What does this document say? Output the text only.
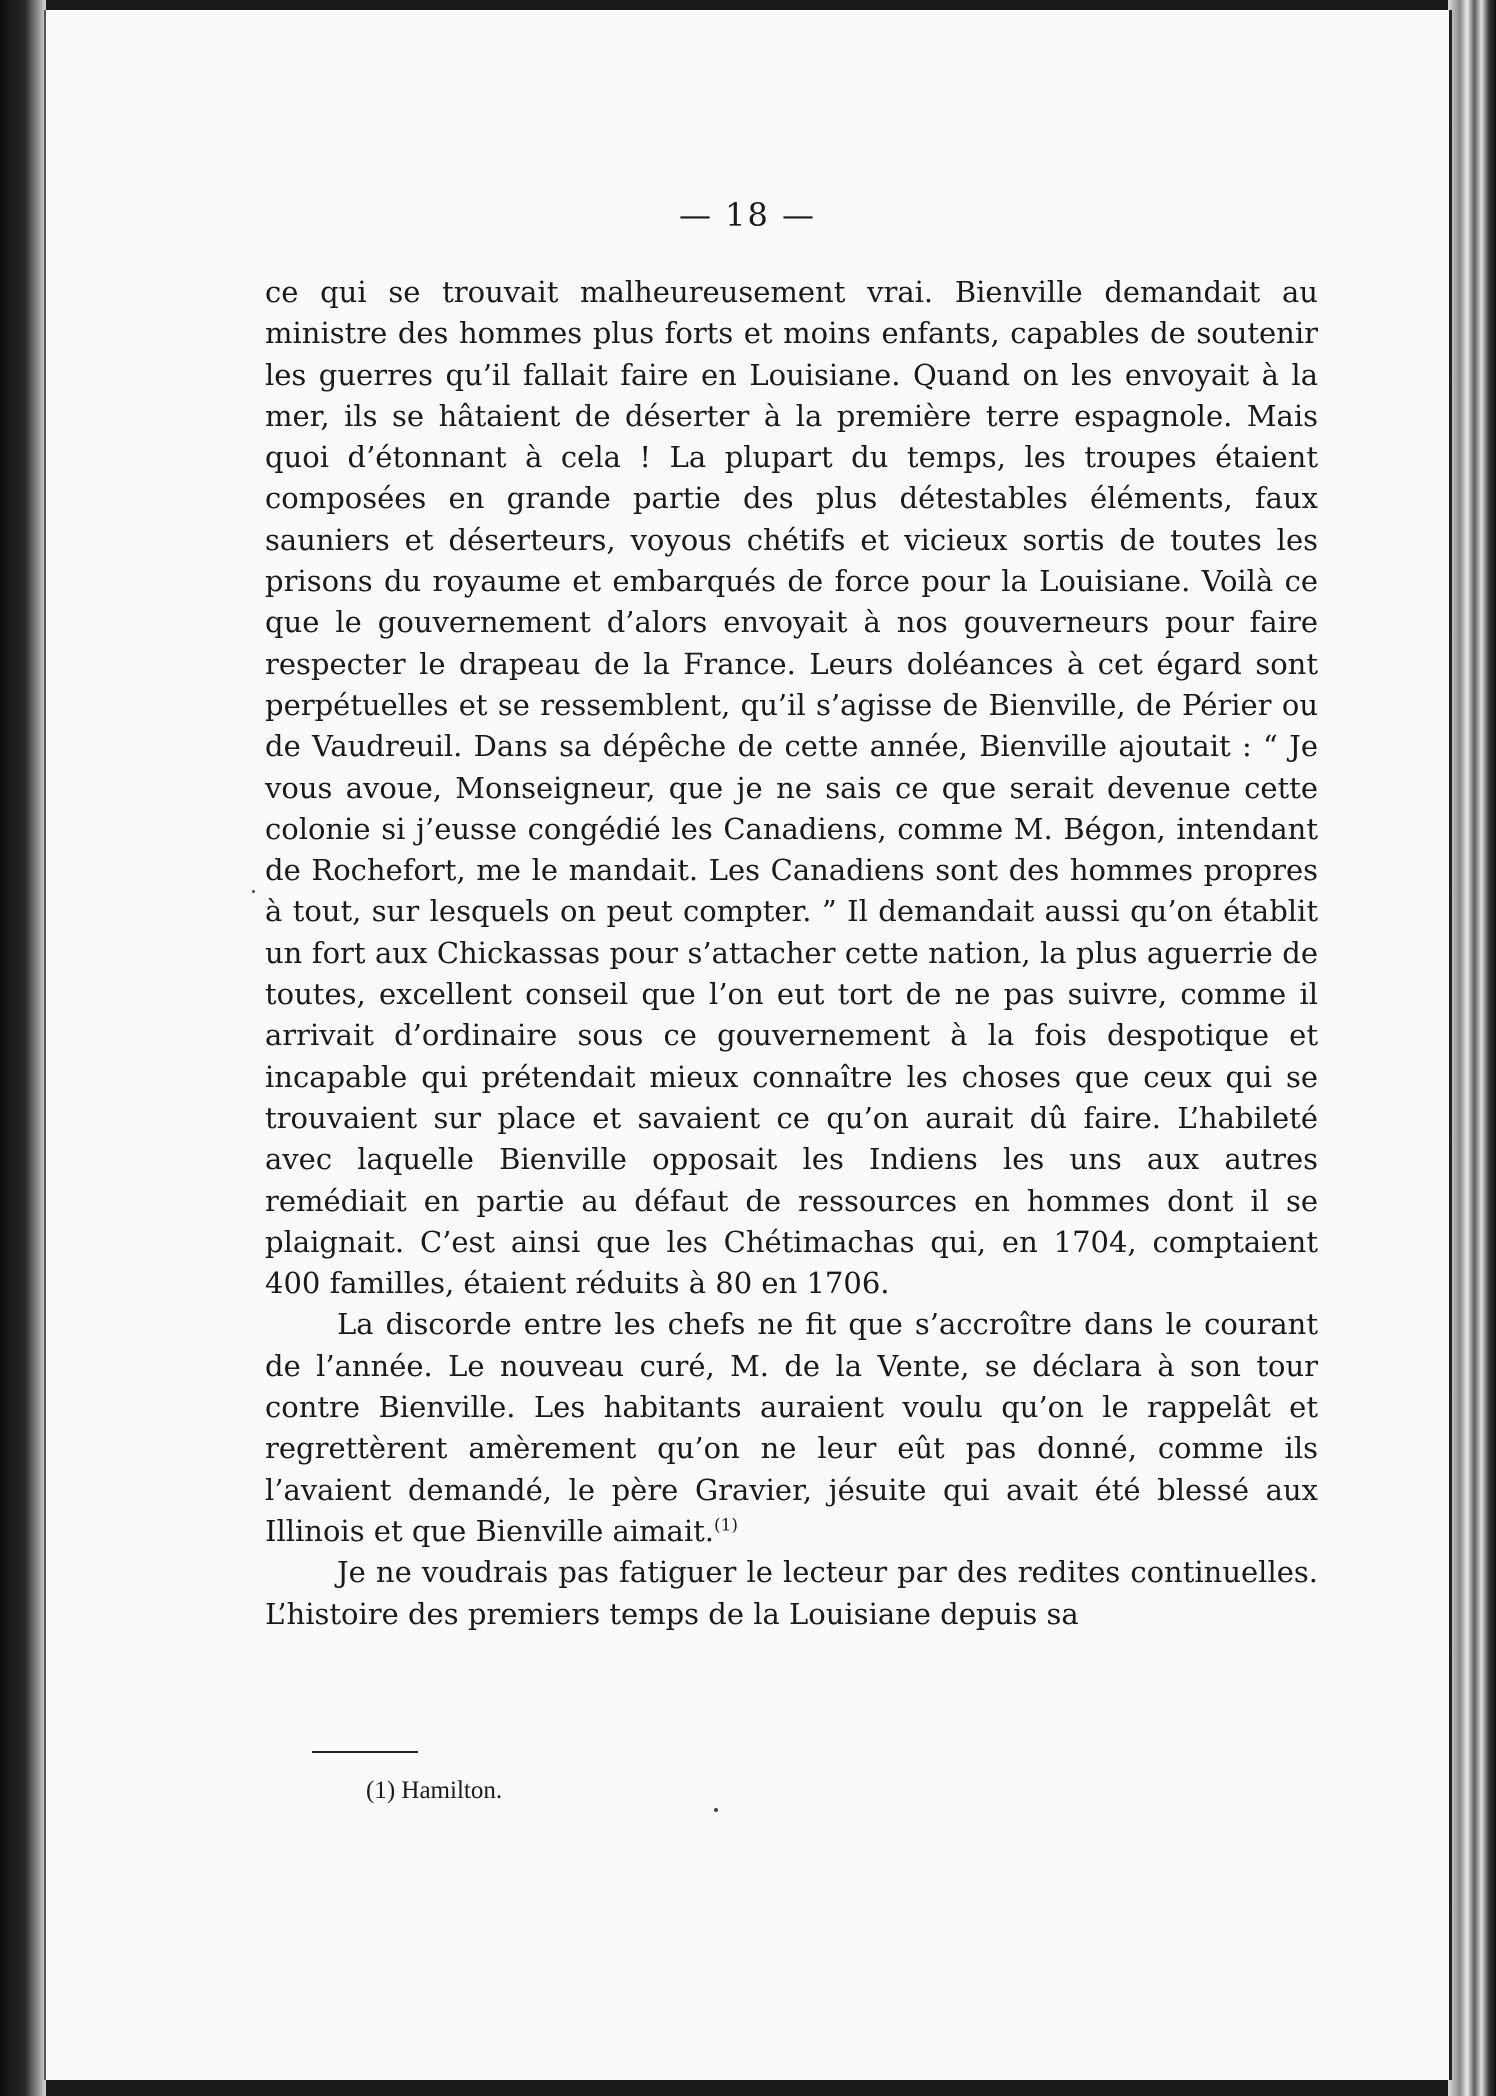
— 18 —

ce qui se trouvait malheureusement vrai. Bienville demandait au ministre des hommes plus forts et moins enfants, capables de soutenir les guerres qu’il fallait faire en Louisiane. Quand on les envoyait à la mer, ils se hâtaient de déserter à la première terre espagnole. Mais quoi d’étonnant à cela ! La plupart du temps, les troupes étaient composées en grande partie des plus détestables éléments, faux sauniers et déserteurs, voyous chétifs et vicieux sortis de toutes les prisons du royaume et embarqués de force pour la Louisiane. Voilà ce que le gouvernement d’alors envoyait à nos gouverneurs pour faire respecter le drapeau de la France. Leurs doléances à cet égard sont perpétuelles et se ressemblent, qu’il s’agisse de Bienville, de Périer ou de Vaudreuil. Dans sa dépêche de cette année, Bienville ajoutait : “ Je vous avoue, Monseigneur, que je ne sais ce que serait devenue cette colonie si j’eusse congédié les Canadiens, comme M. Bégon, intendant de Rochefort, me le mandait. Les Canadiens sont des hommes propres à tout, sur lesquels on peut compter. ” Il demandait aussi qu’on établit un fort aux Chickassas pour s’attacher cette nation, la plus aguerrie de toutes, excellent conseil que l’on eut tort de ne pas suivre, comme il arrivait d’ordinaire sous ce gouvernement à la fois despotique et incapable qui prétendait mieux connaître les choses que ceux qui se trouvaient sur place et savaient ce qu’on aurait dû faire. L’habileté avec laquelle Bienville opposait les Indiens les uns aux autres remédiait en partie au défaut de ressources en hommes dont il se plaignait. C’est ainsi que les Chétimachas qui, en 1704, comptaient 400 familles, étaient réduits à 80 en 1706.

La discorde entre les chefs ne fit que s’accroître dans le courant de l’année. Le nouveau curé, M. de la Vente, se déclara à son tour contre Bienville. Les habitants auraient voulu qu’on le rappelât et regrettèrent amèrement qu’on ne leur eût pas donné, comme ils l’avaient demandé, le père Gravier, jésuite qui avait été blessé aux Illinois et que Bienville aimait.$^{(1)}$

Je ne voudrais pas fatiguer le lecteur par des redites continuelles. L’histoire des premiers temps de la Louisiane depuis sa

(1) Hamilton.
